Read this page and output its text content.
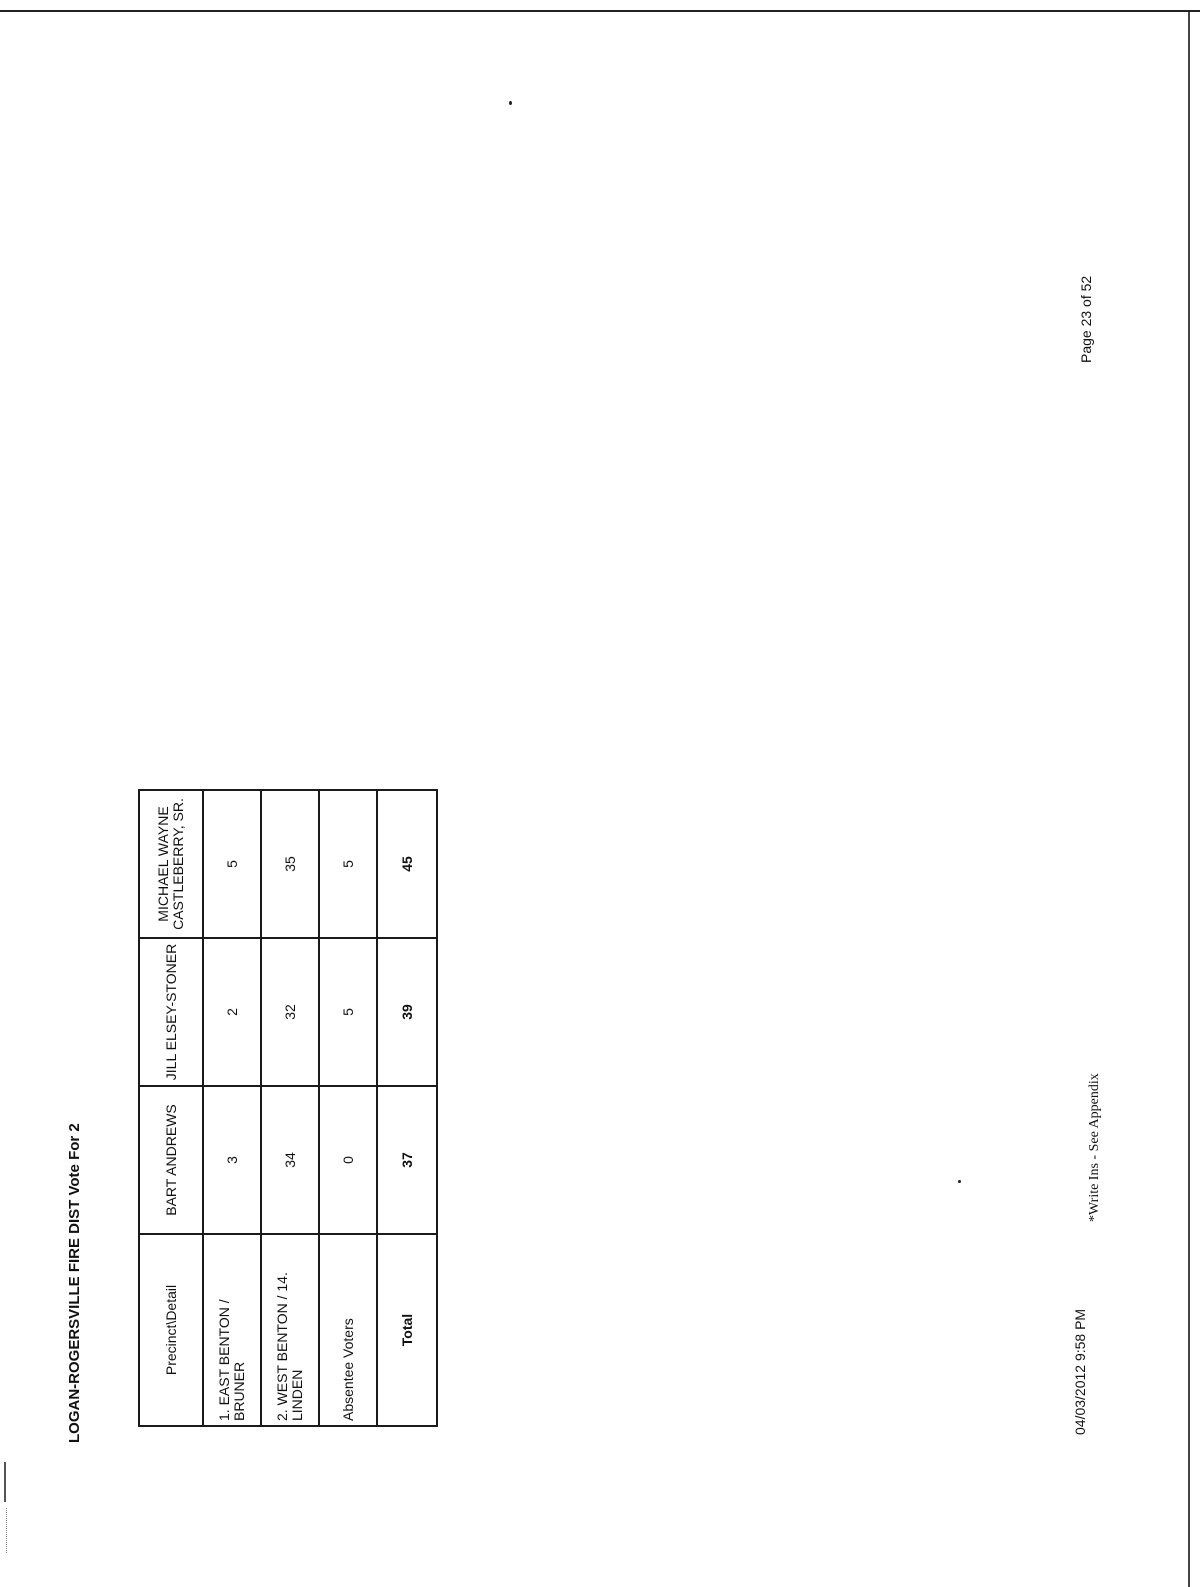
LOGAN-ROGERSVILLE FIRE DIST Vote For 2	Precinct\Detail	BART ANDREWS	JILL ELSEY-STONER	MICHAEL WAYNE CASTLEBERRY, SR.
1. EAST BENTON / BRUNER	3	2	5
2. WEST BENTON / 14. LINDEN	34	32	35
Absentee Voters	0	5	5
Total	37	39	45
04/03/2012 9:58 PM
*Write Ins - See Appendix
Page 23 of 52
